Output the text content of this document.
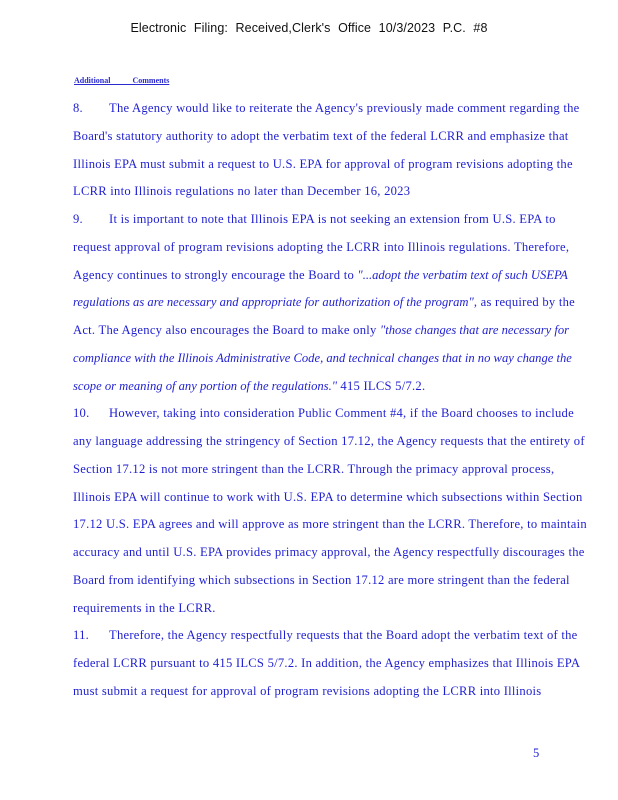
Electronic Filing: Received,Clerk's Office 10/3/2023 P.C. #8
Additional Comments

8. The Agency would like to reiterate the Agency's previously made comment regarding the Board's statutory authority to adopt the verbatim text of the federal LCRR and emphasize that Illinois EPA must submit a request to U.S. EPA for approval of program revisions adopting the LCRR into Illinois regulations no later than December 16, 2023

9. It is important to note that Illinois EPA is not seeking an extension from U.S. EPA to request approval of program revisions adopting the LCRR into Illinois regulations. Therefore, Agency continues to strongly encourage the Board to "...adopt the verbatim text of such USEPA regulations as are necessary and appropriate for authorization of the program", as required by the Act. The Agency also encourages the Board to make only "those changes that are necessary for compliance with the Illinois Administrative Code, and technical changes that in no way change the scope or meaning of any portion of the regulations." 415 ILCS 5/7.2.

10. However, taking into consideration Public Comment #4, if the Board chooses to include any language addressing the stringency of Section 17.12, the Agency requests that the entirety of Section 17.12 is not more stringent than the LCRR. Through the primacy approval process, Illinois EPA will continue to work with U.S. EPA to determine which subsections within Section 17.12 U.S. EPA agrees and will approve as more stringent than the LCRR. Therefore, to maintain accuracy and until U.S. EPA provides primacy approval, the Agency respectfully discourages the Board from identifying which subsections in Section 17.12 are more stringent than the federal requirements in the LCRR.

11. Therefore, the Agency respectfully requests that the Board adopt the verbatim text of the federal LCRR pursuant to 415 ILCS 5/7.2. In addition, the Agency emphasizes that Illinois EPA must submit a request for approval of program revisions adopting the LCRR into Illinois

5
